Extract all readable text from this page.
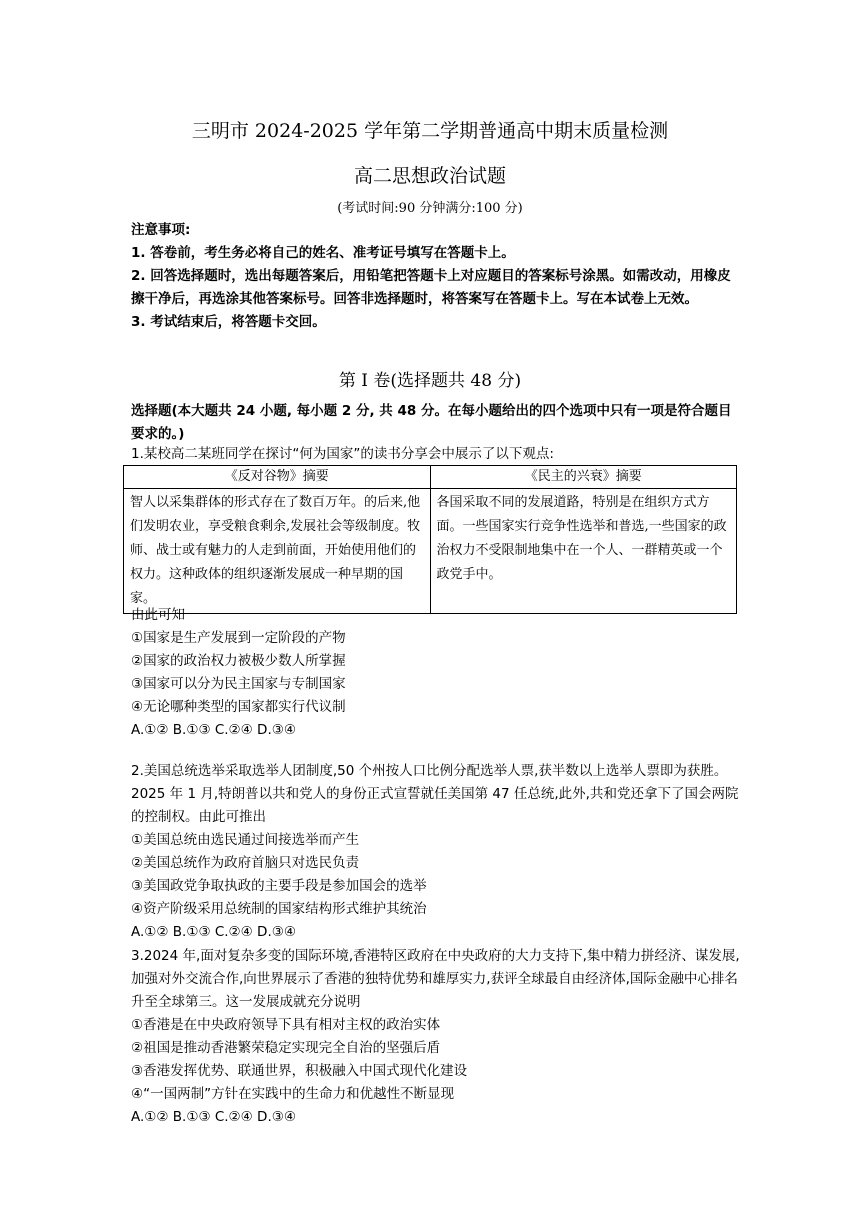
三明市 2024-2025 学年第二学期普通高中期末质量检测
高二思想政治试题
(考试时间:90 分钟满分:100 分)
注意事项:
1. 答卷前，考生务必将自己的姓名、准考证号填写在答题卡上。
2. 回答选择题时，选出每题答案后，用铅笔把答题卡上对应题目的答案标号涂黑。如需改动，用橡皮擦干净后，再选涂其他答案标号。回答非选择题时，将答案写在答题卡上。写在本试卷上无效。
3. 考试结束后，将答题卡交回。
第 Ⅰ 卷(选择题共 48 分)
选择题(本大题共 24 小题, 每小题 2 分, 共 48 分。在每小题给出的四个选项中只有一项是符合题目要求的。)
1.某校高二某班同学在探讨“何为国家”的读书分享会中展示了以下观点:
《反对谷物》摘要	《民主的兴衰》摘要
智人以采集群体的形式存在了数百万年。的后来,他们发明农业，享受粮食剩余,发展社会等级制度。牧师、战士或有魅力的人走到前面，开始使用他们的权力。这种政体的组织逐渐发展成一种早期的国家。	各国采取不同的发展道路，特别是在组织方式方面。一些国家实行竞争性选举和普选,一些国家的政治权力不受限制地集中在一个人、一群精英或一个政党手中。
由此可知
①国家是生产发展到一定阶段的产物
②国家的政治权力被极少数人所掌握
③国家可以分为民主国家与专制国家
④无论哪种类型的国家都实行代议制
A.①② B.①③ C.②④ D.③④
2.美国总统选举采取选举人团制度,50 个州按人口比例分配选举人票,获半数以上选举人票即为获胜。2025 年 1 月,特朗普以共和党人的身份正式宣誓就任美国第 47 任总统,此外,共和党还拿下了国会两院的控制权。由此可推出
①美国总统由选民通过间接选举而产生
②美国总统作为政府首脑只对选民负责
③美国政党争取执政的主要手段是参加国会的选举
④资产阶级采用总统制的国家结构形式维护其统治
A.①② B.①③ C.②④ D.③④
3.2024 年,面对复杂多变的国际环境,香港特区政府在中央政府的大力支持下,集中精力拼经济、谋发展,加强对外交流合作,向世界展示了香港的独特优势和雄厚实力,获评全球最自由经济体,国际金融中心排名升至全球第三。这一发展成就充分说明
①香港是在中央政府领导下具有相对主权的政治实体
②祖国是推动香港繁荣稳定实现完全自治的坚强后盾
③香港发挥优势、联通世界，积极融入中国式现代化建设
④“一国两制”方针在实践中的生命力和优越性不断显现
A.①② B.①③ C.②④ D.③④
